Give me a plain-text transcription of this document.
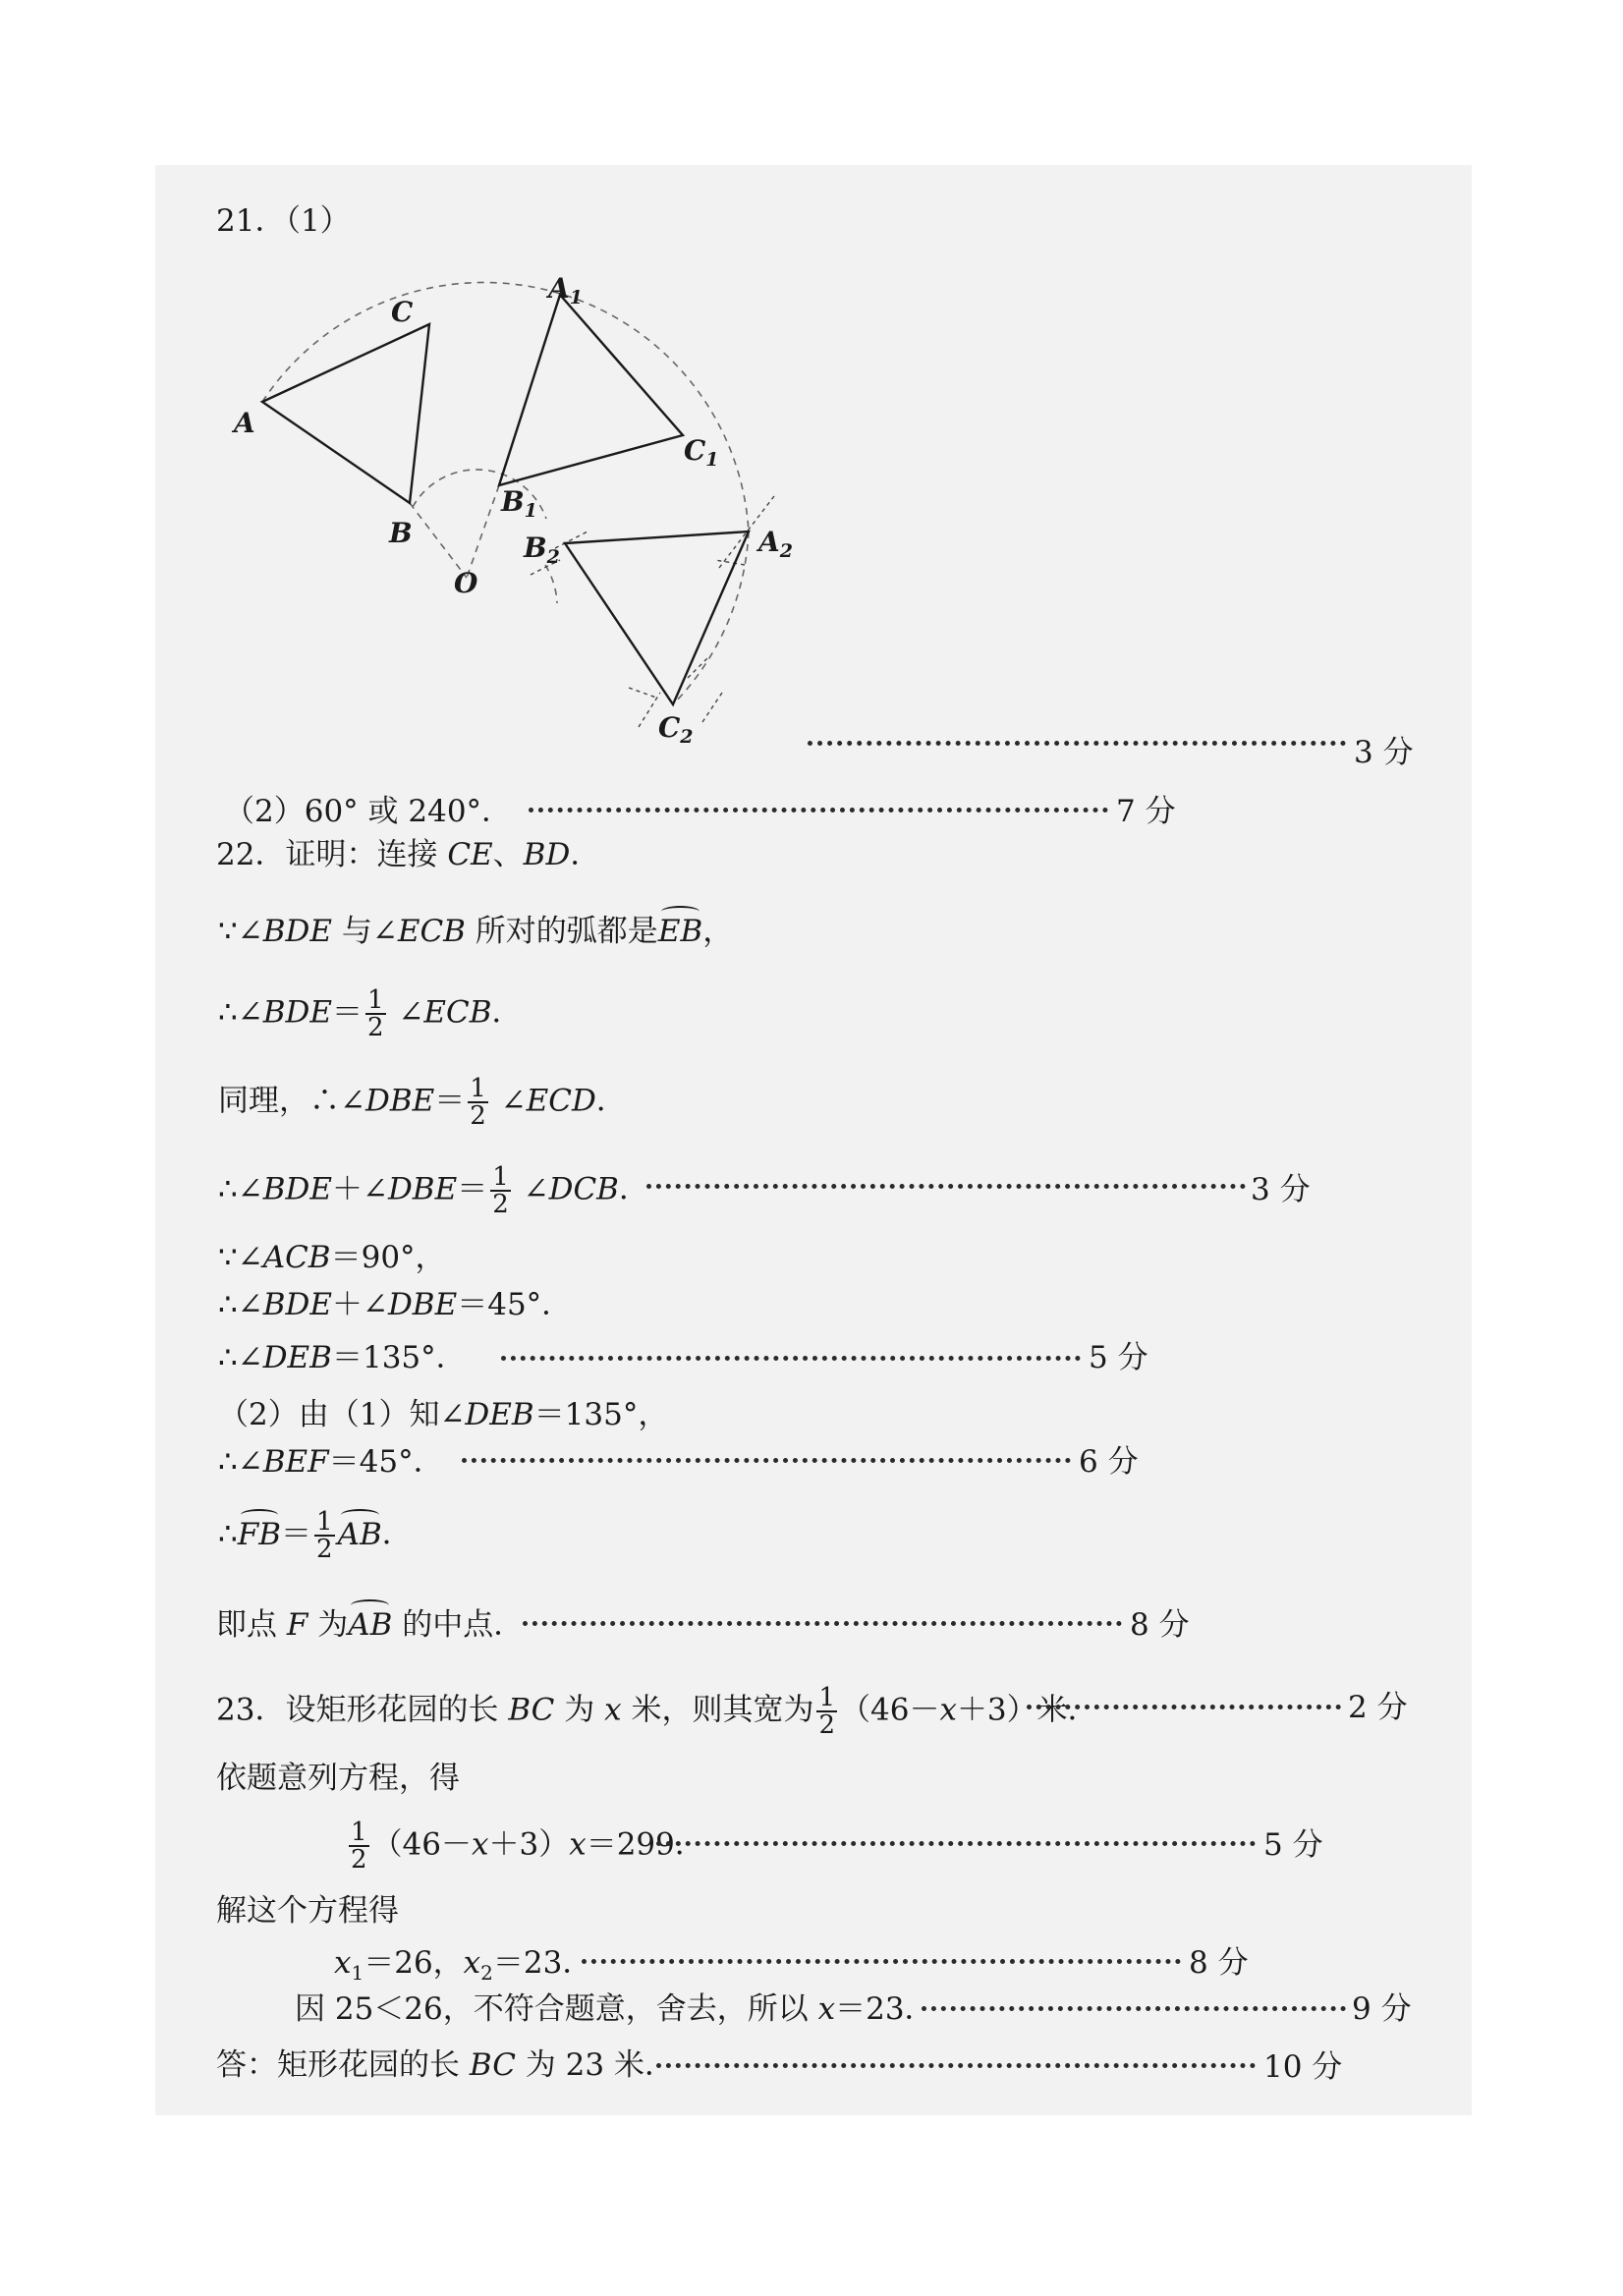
21．（1）
A
C
B
O
$A_1$
$C_1$
$B_1$
$B_2$	$A_2$
$C_2$	3 分
（2）60° 或 240°．	7 分
22．证明：连接 CE、BD．
∵∠BDE 与∠ECB 所对的弧都是EB，
∴∠BDE＝ $\frac{1}{2}$ ∠ECB．
同理，∴∠DBE＝ $\frac{1}{2}$ ∠ECD．
∴∠BDE＋∠DBE＝ $\frac{1}{2}$ ∠DCB．	3 分
∵∠ACB＝90°，
∴∠BDE＋∠DBE＝45°．
∴∠DEB＝135°．	5 分
（2）由（1）知∠DEB＝135°，
∴∠BEF＝45°．	6 分
∴FB＝ $\frac{1}{2}$ AB．
即点 F 为AB 的中点．	8 分
23．设矩形花园的长 BC 为 x 米，则其宽为 $\frac{1}{2} (46-x+3)$米．	2 分
依题意列方程，得
$\frac{1}{2} (46-x+3)x=299$．	5 分
解这个方程得
$x_1=26$，$x_2=23$．	8 分
因 25＜26，不符合题意，舍去，所以 x＝23．	9 分
答：矩形花园的长 BC 为 23 米．	10 分
